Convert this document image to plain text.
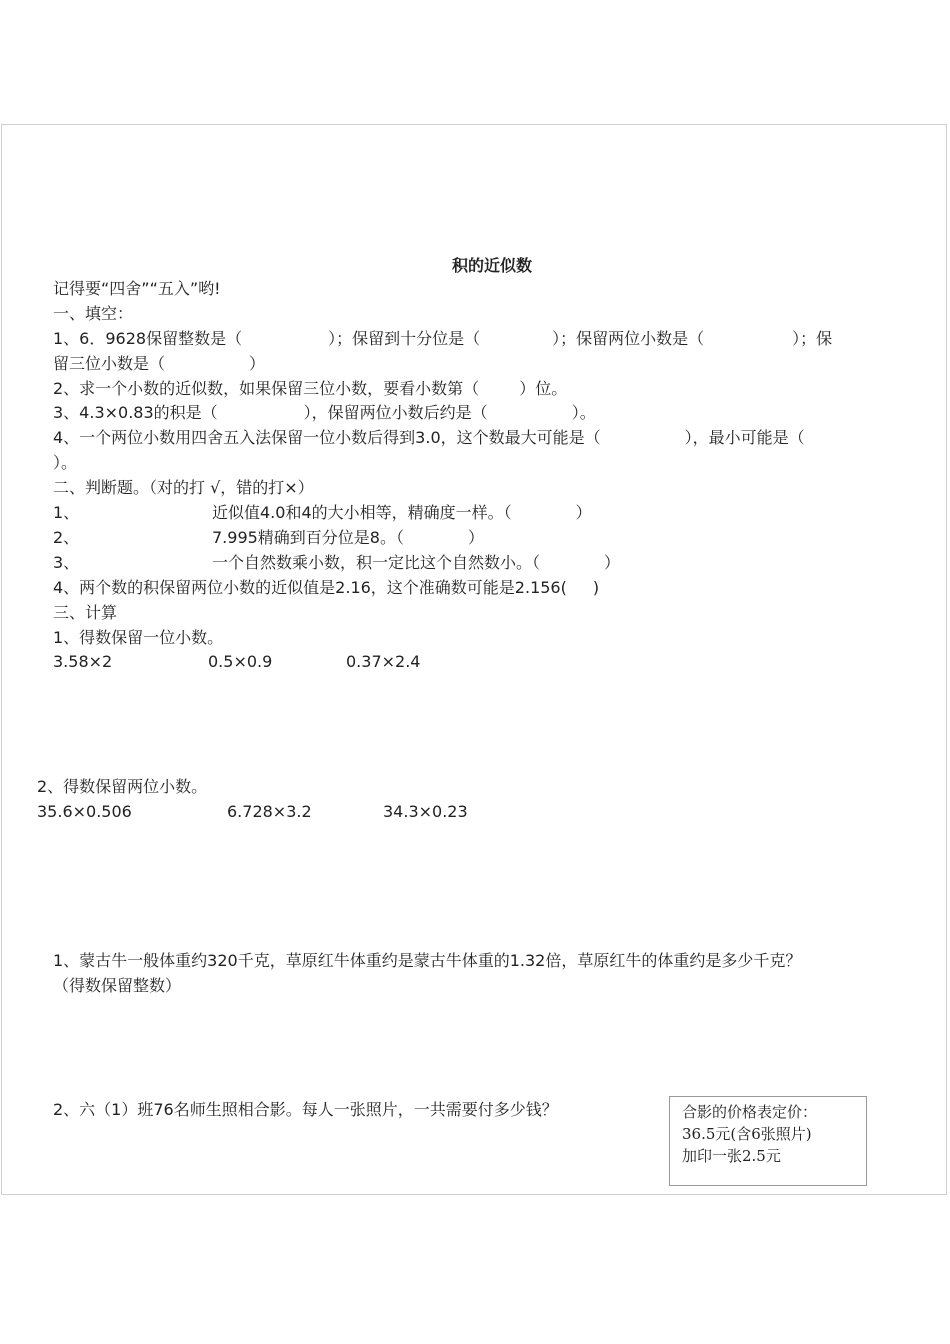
积的近似数
记得要“四舍”“五入”哟!
一、填空：
1、6．9628保留整数是（	）；保留到十分位是（	）；保留两位小数是（	）；保
留三位小数是（	）
2、求一个小数的近似数，如果保留三位小数，要看小数第（	）位。
3、4.3×0.83的积是（	），保留两位小数后约是（	）。
4、一个两位小数用四舍五入法保留一位小数后得到3.0，这个数最大可能是（	），最小可能是（
）。
二、判断题。（对的打 √，错的打×）
1、	近似值4.0和4的大小相等，精确度一样。（	）
2、	7.995精确到百分位是8。（	）
3、	一个自然数乘小数，积一定比这个自然数小。（	）
4、两个数的积保留两位小数的近似值是2.16，这个准确数可能是2.156( )
三、计算
1、得数保留一位小数。
3.58×2	0.5×0.9	0.37×2.4
2、得数保留两位小数。
35.6×0.506	6.728×3.2	34.3×0.23
1、蒙古牛一般体重约320千克，草原红牛体重约是蒙古牛体重的1.32倍，草原红牛的体重约是多少千克？
（得数保留整数）
2、六（1）班76名师生照相合影。每人一张照片，一共需要付多少钱？	合影的价格表定价：
36.5元(含6张照片)
加印一张2.5元
